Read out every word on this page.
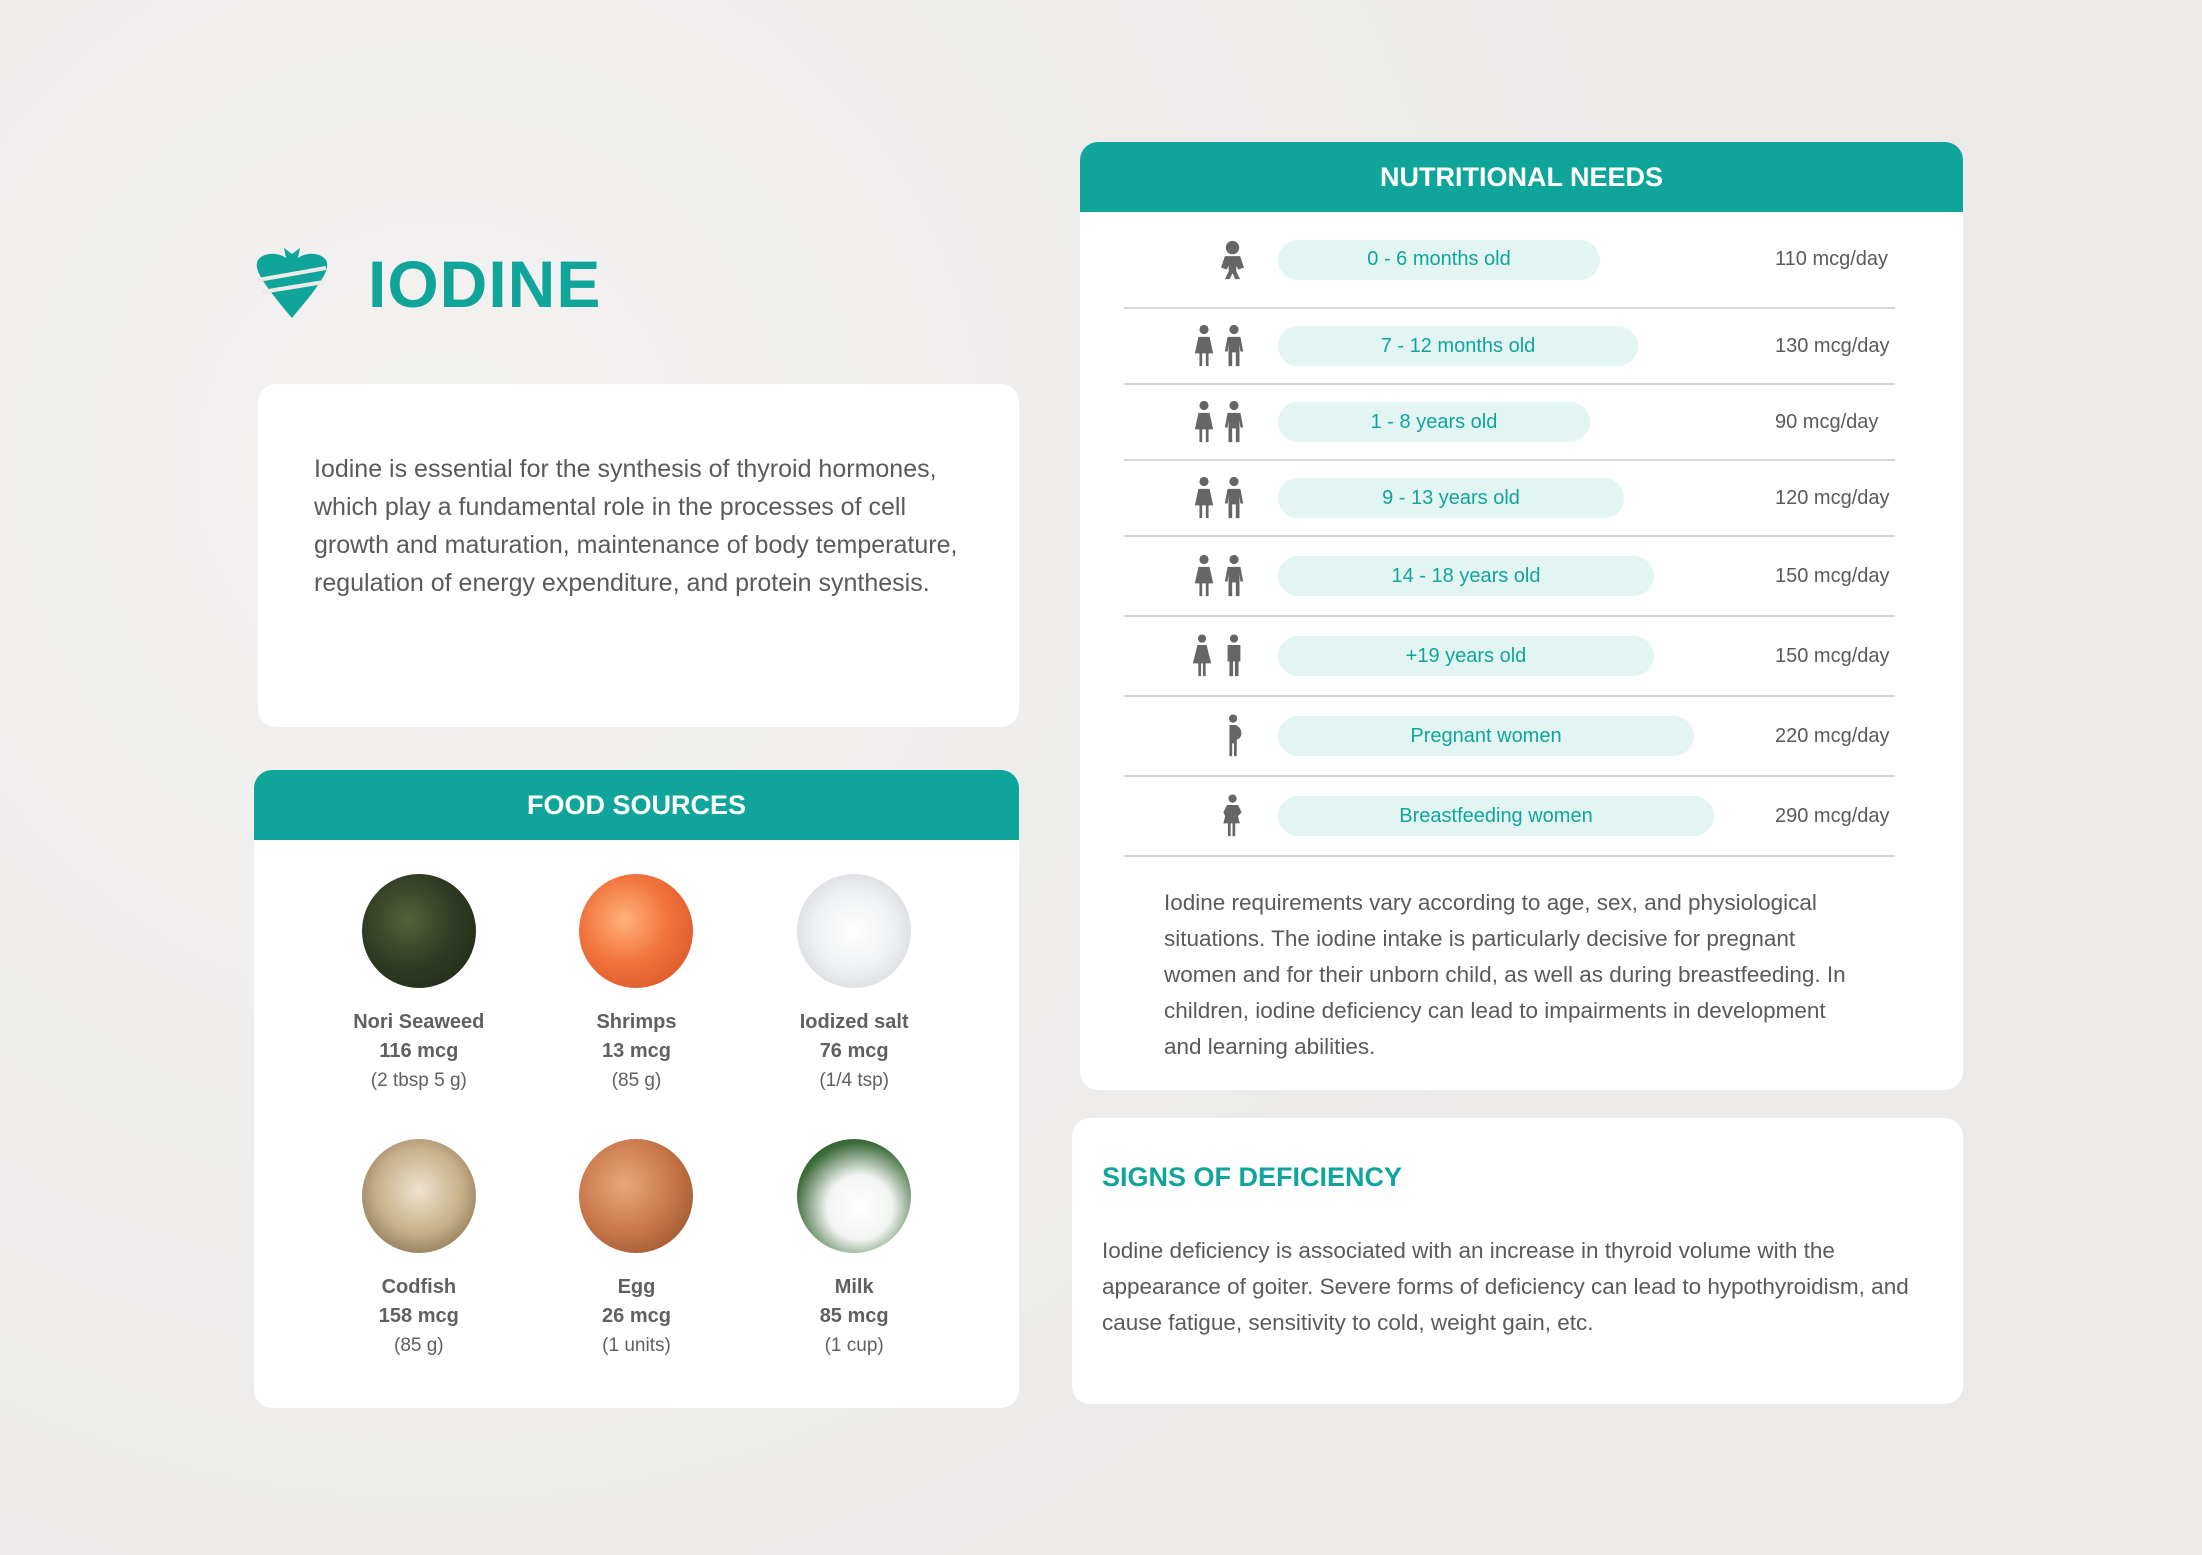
IODINE

Iodine is essential for the synthesis of thyroid hormones, which play a fundamental role in the processes of cell growth and maturation, maintenance of body temperature, regulation of energy expenditure, and protein synthesis.

FOOD SOURCES
Nori Seaweed
116 mcg
(2 tbsp 5 g)
Shrimps
13 mcg
(85 g)
Iodized salt
76 mcg
(1/4 tsp)
Codfish
158 mcg
(85 g)
Egg
26 mcg
(1 units)
Milk
85 mcg
(1 cup)
NUTRITIONAL NEEDS
0 - 6 months old	110 mcg/day
7 - 12 months old	130 mcg/day
1 - 8 years old	90 mcg/day
9 - 13 years old	120 mcg/day
14 - 18 years old	150 mcg/day
+19 years old	150 mcg/day
Pregnant women	220 mcg/day
Breastfeeding women	290 mcg/day
Iodine requirements vary according to age, sex, and physiological situations. The iodine intake is particularly decisive for pregnant women and for their unborn child, as well as during breastfeeding. In children, iodine deficiency can lead to impairments in development and learning abilities.
SIGNS OF DEFICIENCY

Iodine deficiency is associated with an increase in thyroid volume with the appearance of goiter. Severe forms of deficiency can lead to hypothyroidism, and cause fatigue, sensitivity to cold, weight gain, etc.
